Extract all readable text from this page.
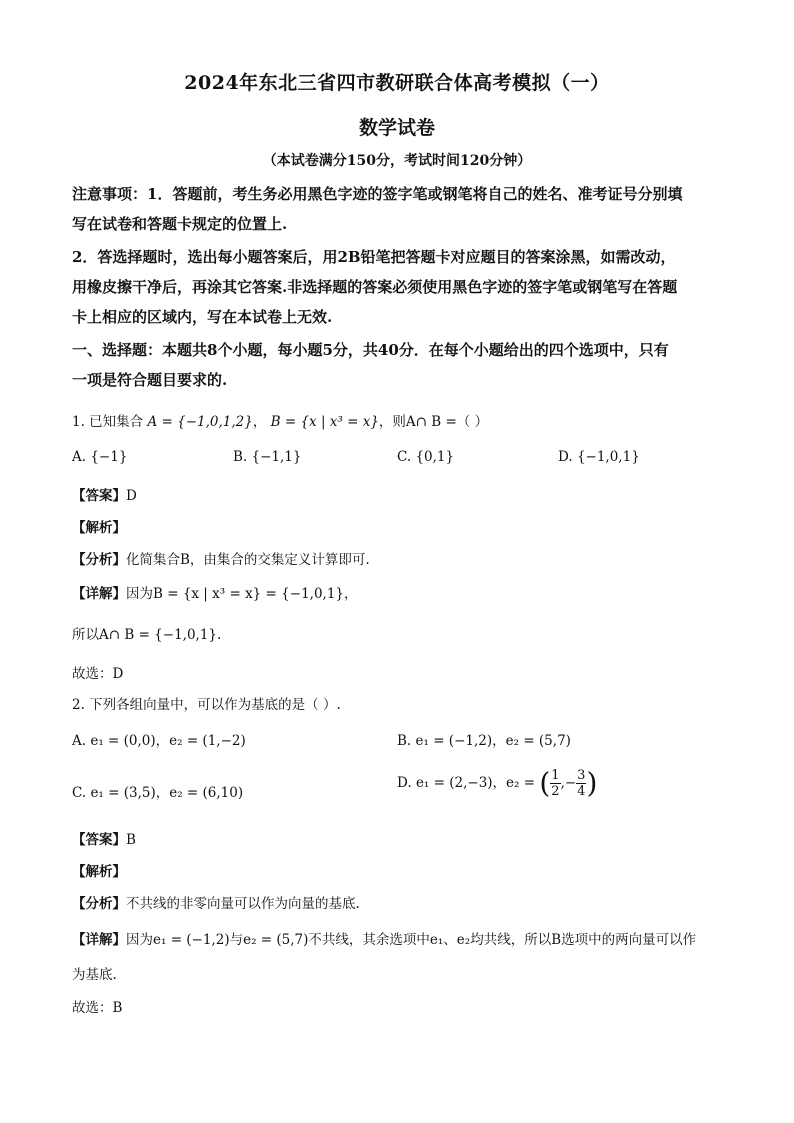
2024年东北三省四市教研联合体高考模拟（一）
数学试卷
（本试卷满分150分，考试时间120分钟）
注意事项：1．答题前，考生务必用黑色字迹的签字笔或钢笔将自己的姓名、准考证号分别填
写在试卷和答题卡规定的位置上.
2．答选择题时，选出每小题答案后，用2B铅笔把答题卡对应题目的答案涂黑，如需改动，
用橡皮擦干净后，再涂其它答案.非选择题的答案必须使用黑色字迹的签字笔或钢笔写在答题
卡上相应的区域内，写在本试卷上无效.
一、选择题：本题共8个小题，每小题5分，共40分．在每个小题给出的四个选项中，只有
一项是符合题目要求的.
1. 已知集合 A = {−1,0,1,2}， B = {x | x³ = x}，则A∩ B =（ ）
A. {−1}	B. {−1,1}	C. {0,1}	D. {−1,0,1}
【答案】D
【解析】
【分析】化简集合B，由集合的交集定义计算即可.
【详解】因为B = {x | x³ = x} = {−1,0,1}，
所以A∩ B = {−1,0,1}.
故选：D
2. 下列各组向量中，可以作为基底的是（ ）.
A. e₁ = (0,0)，e₂ = (1,−2)	B. e₁ = (−1,2)，e₂ = (5,7)
C. e₁ = (3,5)，e₂ = (6,10)
D. e₁ = (2,−3)，e₂ = ( $\frac{1}{2}$ ,− $\frac{3}{4}$ )
【答案】B
【解析】
【分析】不共线的非零向量可以作为向量的基底.
【详解】因为e₁ = (−1,2)与e₂ = (5,7)不共线，其余选项中e₁、e₂均共线，所以B选项中的两向量可以作
为基底.
故选：B
